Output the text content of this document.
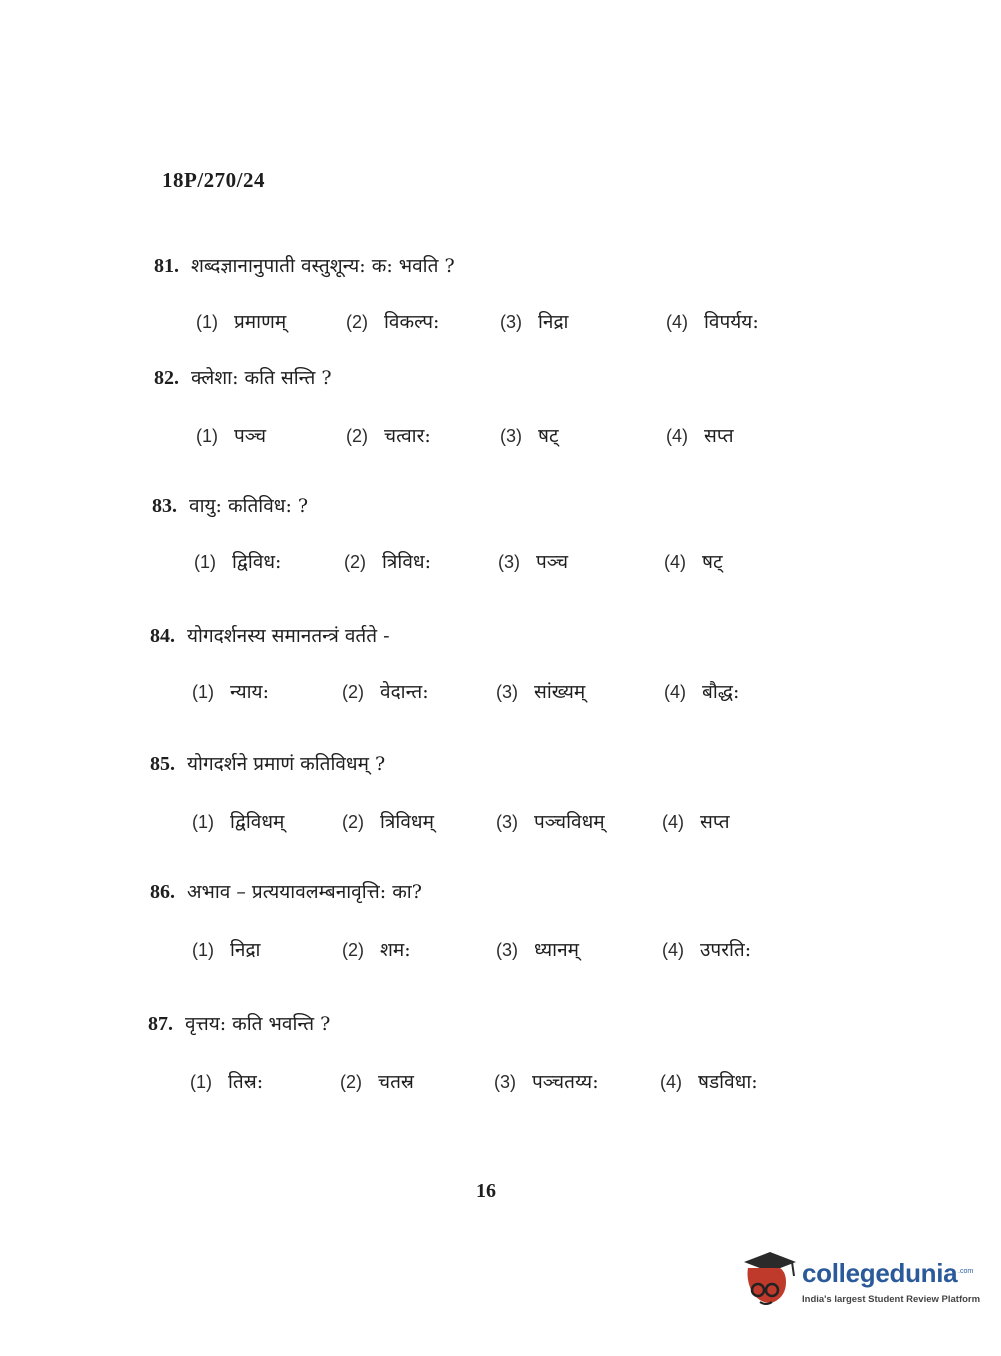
18P/270/24
81. शब्दज्ञानानुपाती वस्तुशून्य: क: भवति ?
(1) प्रमाणम्	(2) विकल्प:	(3) निद्रा	(4) विपर्यय:
82. क्लेशा: कति सन्ति ?
(1) पञ्च	(2) चत्वार:	(3) षट्	(4) सप्त
83. वायु: कतिविध: ?
(1) द्विविध:	(2) त्रिविध:	(3) पञ्च	(4) षट्
84. योगदर्शनस्य समानतन्त्रं वर्तते -
(1) न्याय:	(2) वेदान्त:	(3) सांख्यम्	(4) बौद्ध:
85. योगदर्शने प्रमाणं कतिविधम् ?
(1) द्विविधम्	(2) त्रिविधम्	(3) पञ्चविधम्	(4) सप्त
86. अभाव – प्रत्ययावलम्बनावृत्ति: का?
(1) निद्रा	(2) शम:	(3) ध्यानम्	(4) उपरति:
87. वृत्तय: कति भवन्ति ?
(1) तिस्र:	(2) चतस्र	(3) पञ्चतय्य:	(4) षडविधा:
16
collegedunia .com
India's largest Student Review Platform
